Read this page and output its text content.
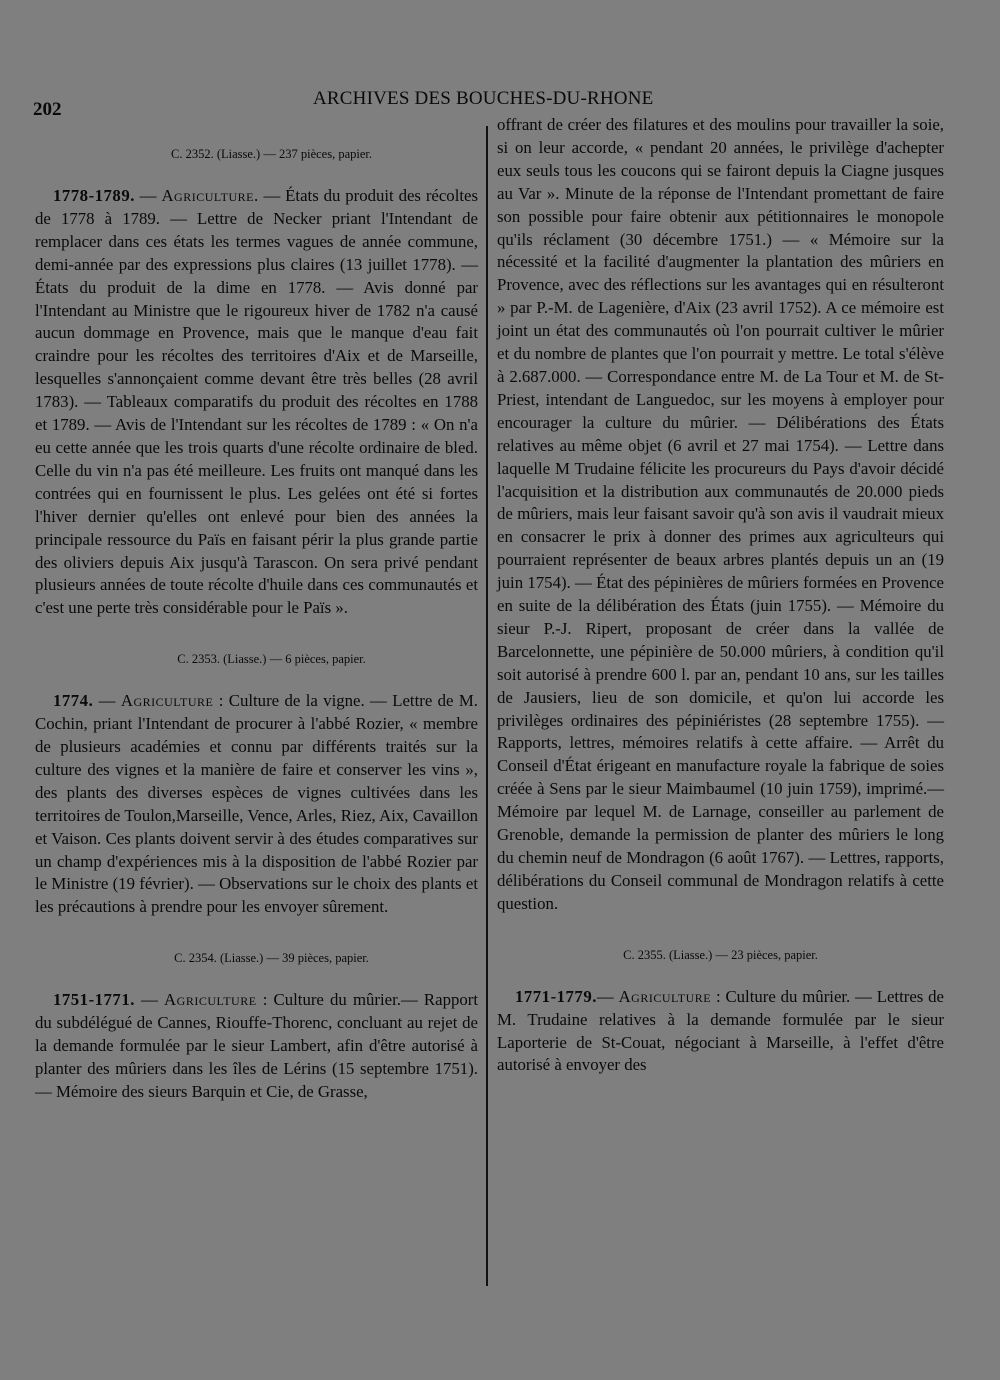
202
ARCHIVES DES BOUCHES-DU-RHONE

C. 2352. (Liasse.) — 237 pièces, papier.

1778-1789. — Agriculture. — États du produit des récoltes de 1778 à 1789. — Lettre de Necker priant l'Intendant de remplacer dans ces états les termes vagues de année commune, demi-année par des expressions plus claires (13 juillet 1778). — États du produit de la dime en 1778. — Avis donné par l'Intendant au Ministre que le rigoureux hiver de 1782 n'a causé aucun dommage en Provence, mais que le manque d'eau fait craindre pour les récoltes des territoires d'Aix et de Marseille, lesquelles s'annonçaient comme devant être très belles (28 avril 1783). — Tableaux comparatifs du produit des récoltes en 1788 et 1789. — Avis de l'Intendant sur les récoltes de 1789 : « On n'a eu cette année que les trois quarts d'une récolte ordinaire de bled. Celle du vin n'a pas été meilleure. Les fruits ont manqué dans les contrées qui en fournissent le plus. Les gelées ont été si fortes l'hiver dernier qu'elles ont enlevé pour bien des années la principale ressource du Païs en faisant périr la plus grande partie des oliviers depuis Aix jusqu'à Tarascon. On sera privé pendant plusieurs années de toute récolte d'huile dans ces communautés et c'est une perte très considérable pour le Païs ».

C. 2353. (Liasse.) — 6 pièces, papier.

1774. — Agriculture : Culture de la vigne. — Lettre de M. Cochin, priant l'Intendant de procurer à l'abbé Rozier, « membre de plusieurs académies et connu par différents traités sur la culture des vignes et la manière de faire et conserver les vins », des plants des diverses espèces de vignes cultivées dans les territoires de Toulon,Marseille, Vence, Arles, Riez, Aix, Cavaillon et Vaison. Ces plants doivent servir à des études comparatives sur un champ d'expériences mis à la disposition de l'abbé Rozier par le Ministre (19 février). — Observations sur le choix des plants et les précautions à prendre pour les envoyer sûrement.

C. 2354. (Liasse.) — 39 pièces, papier.

1751-1771. — Agriculture : Culture du mûrier.— Rapport du subdélégué de Cannes, Riouffe-Thorenc, concluant au rejet de la demande formulée par le sieur Lambert, afin d'être autorisé à planter des mûriers dans les îles de Lérins (15 septembre 1751). — Mémoire des sieurs Barquin et Cie, de Grasse,

offrant de créer des filatures et des moulins pour travailler la soie, si on leur accorde, « pendant 20 années, le privilège d'achepter eux seuls tous les coucons qui se fairont depuis la Ciagne jusques au Var ». Minute de la réponse de l'Intendant promettant de faire son possible pour faire obtenir aux pétitionnaires le monopole qu'ils réclament (30 décembre 1751.) — « Mémoire sur la nécessité et la facilité d'augmenter la plantation des mûriers en Provence, avec des réflections sur les avantages qui en résulteront » par P.-M. de Lagenière, d'Aix (23 avril 1752). A ce mémoire est joint un état des communautés où l'on pourrait cultiver le mûrier et du nombre de plantes que l'on pourrait y mettre. Le total s'élève à 2.687.000. — Correspondance entre M. de La Tour et M. de St-Priest, intendant de Languedoc, sur les moyens à employer pour encourager la culture du mûrier. — Délibérations des États relatives au même objet (6 avril et 27 mai 1754). — Lettre dans laquelle M Trudaine félicite les procureurs du Pays d'avoir décidé l'acquisition et la distribution aux communautés de 20.000 pieds de mûriers, mais leur faisant savoir qu'à son avis il vaudrait mieux en consacrer le prix à donner des primes aux agriculteurs qui pourraient représenter de beaux arbres plantés depuis un an (19 juin 1754). — État des pépinières de mûriers formées en Provence en suite de la délibération des États (juin 1755). — Mémoire du sieur P.-J. Ripert, proposant de créer dans la vallée de Barcelonnette, une pépinière de 50.000 mûriers, à condition qu'il soit autorisé à prendre 600 l. par an, pendant 10 ans, sur les tailles de Jausiers, lieu de son domicile, et qu'on lui accorde les privilèges ordinaires des pépiniéristes (28 septembre 1755). — Rapports, lettres, mémoires relatifs à cette affaire. — Arrêt du Conseil d'État érigeant en manufacture royale la fabrique de soies créée à Sens par le sieur Maimbaumel (10 juin 1759), imprimé.— Mémoire par lequel M. de Larnage, conseiller au parlement de Grenoble, demande la permission de planter des mûriers le long du chemin neuf de Mondragon (6 août 1767). — Lettres, rapports, délibérations du Conseil communal de Mondragon relatifs à cette question.

C. 2355. (Liasse.) — 23 pièces, papier.

1771-1779.— Agriculture : Culture du mûrier. — Lettres de M. Trudaine relatives à la demande formulée par le sieur Laporterie de St-Couat, négociant à Marseille, à l'effet d'être autorisé à envoyer des
